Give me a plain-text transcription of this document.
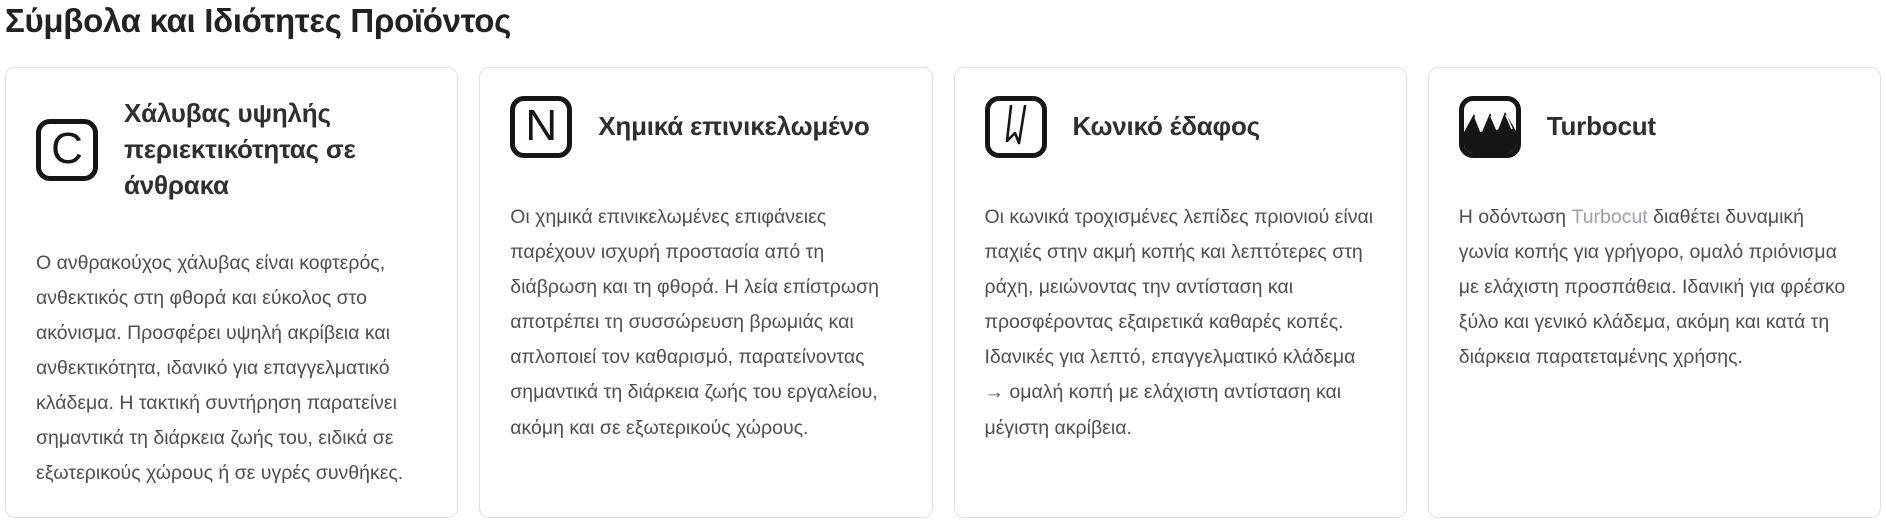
Σύμβολα και Ιδιότητες Προϊόντος
C
Χάλυβας υψηλής περιεκτικότητας σε άνθρακα

Ο ανθρακούχος χάλυβας είναι κοφτερός, ανθεκτικός στη φθορά και εύκολος στο ακόνισμα. Προσφέρει υψηλή ακρίβεια και ανθεκτικότητα, ιδανικό για επαγγελματικό κλάδεμα. Η τακτική συντήρηση παρατείνει σημαντικά τη διάρκεια ζωής του, ειδικά σε εξωτερικούς χώρους ή σε υγρές συνθήκες.

N Χημικά επινικελωμένο

Οι χημικά επινικελωμένες επιφάνειες παρέχουν ισχυρή προστασία από τη διάβρωση και τη φθορά. Η λεία επίστρωση αποτρέπει τη συσσώρευση βρωμιάς και απλοποιεί τον καθαρισμό, παρατείνοντας σημαντικά τη διάρκεια ζωής του εργαλείου, ακόμη και σε εξωτερικούς χώρους.

Κωνικό έδαφος

Οι κωνικά τροχισμένες λεπίδες πριονιού είναι παχιές στην ακμή κοπής και λεπτότερες στη ράχη, μειώνοντας την αντίσταση και προσφέροντας εξαιρετικά καθαρές κοπές. Ιδανικές για λεπτό, επαγγελματικό κλάδεμα → ομαλή κοπή με ελάχιστη αντίσταση και μέγιστη ακρίβεια.

Turbocut

Η οδόντωση Turbocut διαθέτει δυναμική γωνία κοπής για γρήγορο, ομαλό πριόνισμα με ελάχιστη προσπάθεια. Ιδανική για φρέσκο ξύλο και γενικό κλάδεμα, ακόμη και κατά τη διάρκεια παρατεταμένης χρήσης.
